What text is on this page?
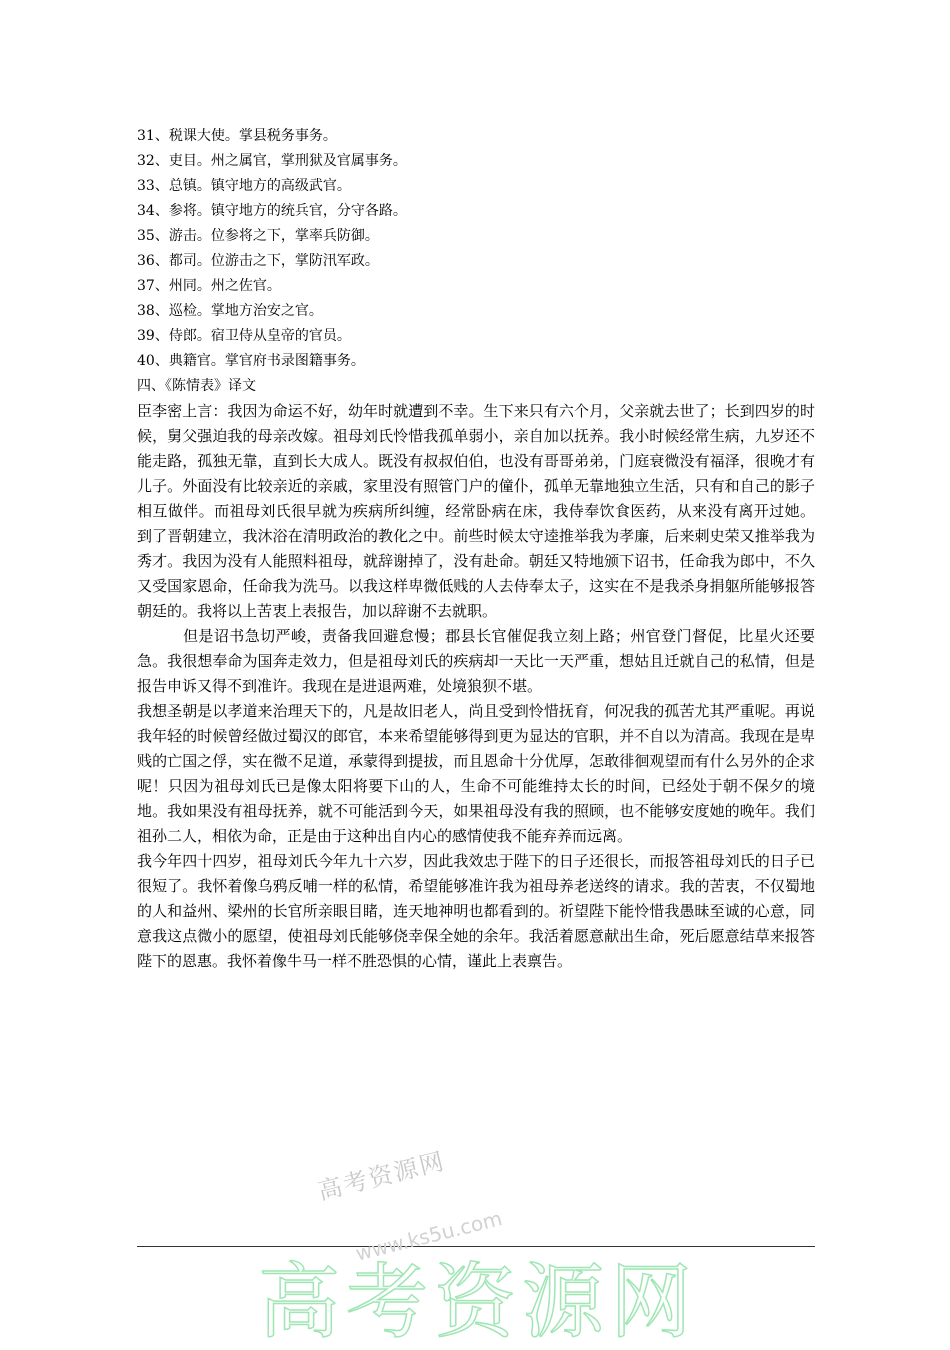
31、税课大使。掌县税务事务。
32、吏目。州之属官，掌刑狱及官属事务。
33、总镇。镇守地方的高级武官。
34、参将。镇守地方的统兵官，分守各路。
35、游击。位参将之下，掌率兵防御。
36、都司。位游击之下，掌防汛军政。
37、州同。州之佐官。
38、巡检。掌地方治安之官。
39、侍郎。宿卫侍从皇帝的官员。
40、典籍官。掌官府书录图籍事务。
四、《陈情表》译文

臣李密上言：我因为命运不好，幼年时就遭到不幸。生下来只有六个月，父亲就去世了；长到四岁的时候，舅父强迫我的母亲改嫁。祖母刘氏怜惜我孤单弱小，亲自加以抚养。我小时候经常生病，九岁还不能走路，孤独无靠，直到长大成人。既没有叔叔伯伯，也没有哥哥弟弟，门庭衰微没有福泽，很晚才有儿子。外面没有比较亲近的亲戚，家里没有照管门户的僮仆，孤单无靠地独立生活，只有和自己的影子相互做伴。而祖母刘氏很早就为疾病所纠缠，经常卧病在床，我侍奉饮食医药，从来没有离开过她。 到了晋朝建立，我沐浴在清明政治的教化之中。前些时候太守逵推举我为孝廉，后来刺史荣又推举我为秀才。我因为没有人能照料祖母，就辞谢掉了，没有赴命。朝廷又特地颁下诏书，任命我为郎中，不久又受国家恩命，任命我为洗马。以我这样卑微低贱的人去侍奉太子，这实在不是我杀身捐躯所能够报答朝廷的。我将以上苦衷上表报告，加以辞谢不去就职。

但是诏书急切严峻，责备我回避怠慢；郡县长官催促我立刻上路；州官登门督促，比星火还要急。我很想奉命为国奔走效力，但是祖母刘氏的疾病却一天比一天严重，想姑且迁就自己的私情，但是报告申诉又得不到准许。我现在是进退两难，处境狼狈不堪。

我想圣朝是以孝道来治理天下的，凡是故旧老人，尚且受到怜惜抚育，何况我的孤苦尤其严重呢。再说我年轻的时候曾经做过蜀汉的郎官，本来希望能够得到更为显达的官职，并不自以为清高。我现在是卑贱的亡国之俘，实在微不足道，承蒙得到提拔，而且恩命十分优厚，怎敢徘徊观望而有什么另外的企求呢！只因为祖母刘氏已是像太阳将要下山的人，生命不可能维持太长的时间，已经处于朝不保夕的境地。我如果没有祖母抚养，就不可能活到今天，如果祖母没有我的照顾，也不能够安度她的晚年。我们祖孙二人，相依为命，正是由于这种出自内心的感情使我不能弃养而远离。

我今年四十四岁，祖母刘氏今年九十六岁，因此我效忠于陛下的日子还很长，而报答祖母刘氏的日子已很短了。我怀着像乌鸦反哺一样的私情，希望能够准许我为祖母养老送终的请求。我的苦衷，不仅蜀地的人和益州、梁州的长官所亲眼目睹，连天地神明也都看到的。祈望陛下能怜惜我愚昧至诚的心意，同意我这点微小的愿望，使祖母刘氏能够侥幸保全她的余年。我活着愿意献出生命，死后愿意结草来报答陛下的恩惠。我怀着像牛马一样不胜恐惧的心情，谨此上表禀告。

高考资源网
www.ks5u.com
高考资源网
